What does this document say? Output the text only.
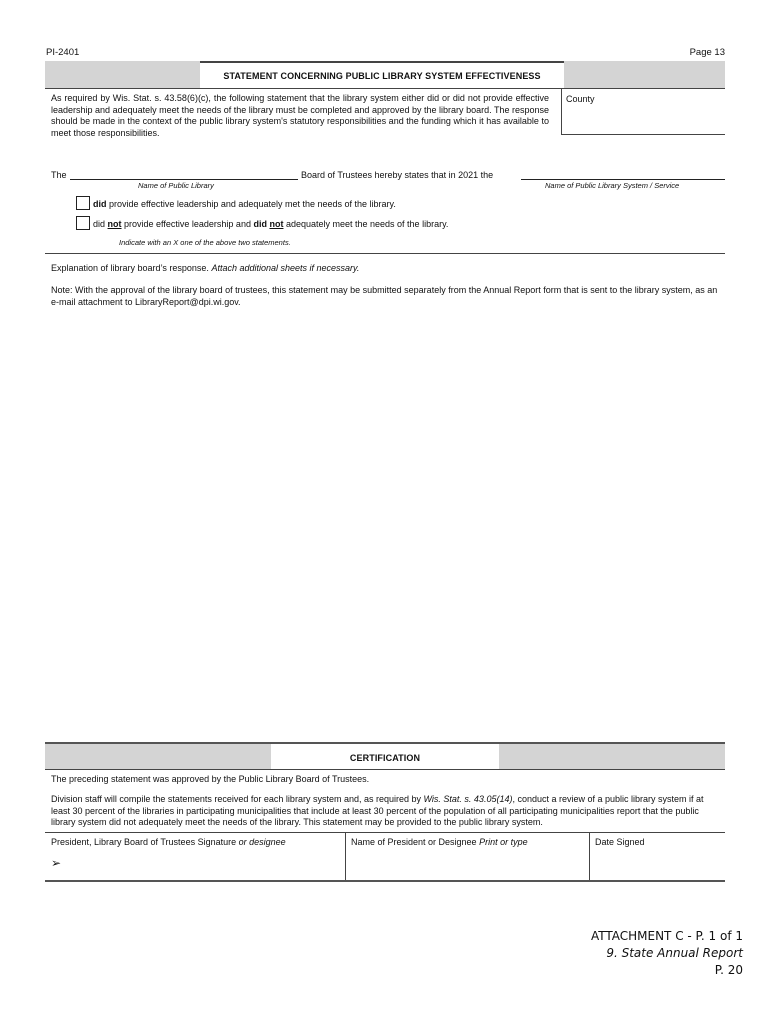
PI-2401	Page 13
STATEMENT CONCERNING PUBLIC LIBRARY SYSTEM EFFECTIVENESS
As required by Wis. Stat. s. 43.58(6)(c), the following statement that the library system either did or did not provide effective leadership and adequately meet the needs of the library must be completed and approved by the library board. The response should be made in the context of the public library system's statutory responsibilities and the funding which it has available to meet those responsibilities.
County
The	Board of Trustees hereby states that in 2021 the
Name of Public Library	Name of Public Library System / Service
did provide effective leadership and adequately met the needs of the library.
did not provide effective leadership and did not adequately meet the needs of the library.
Indicate with an X one of the above two statements.
Explanation of library board’s response. Attach additional sheets if necessary.
Note: With the approval of the library board of trustees, this statement may be submitted separately from the Annual Report form that is sent to the library system, as an e-mail attachment to LibraryReport@dpi.wi.gov.
CERTIFICATION
The preceding statement was approved by the Public Library Board of Trustees.
Division staff will compile the statements received for each library system and, as required by Wis. Stat. s. 43.05(14), conduct a review of a public library system if at least 30 percent of the libraries in participating municipalities that include at least 30 percent of the population of all participating municipalities report that the public library system did not adequately meet the needs of the library. This statement may be provided to the public library system.
President, Library Board of Trustees Signature or designee
➢
Name of President or Designee Print or type	Date Signed
ATTACHMENT C - P. 1 of 1
9. State Annual Report
P. 20
